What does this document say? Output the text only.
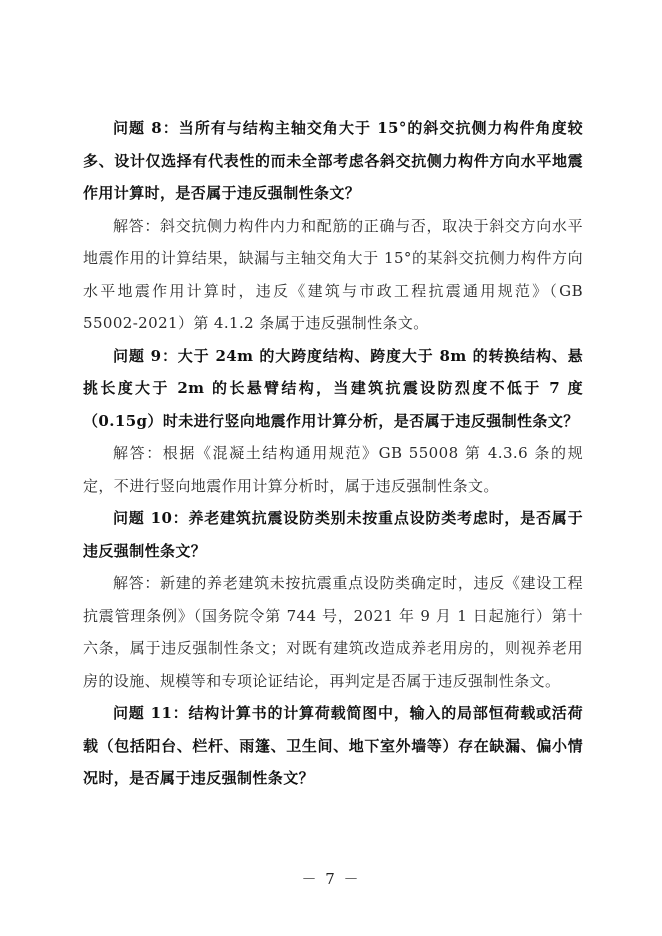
问题 8：当所有与结构主轴交角大于 15°的斜交抗侧力构件角度较多、设计仅选择有代表性的而未全部考虑各斜交抗侧力构件方向水平地震作用计算时，是否属于违反强制性条文？

解答：斜交抗侧力构件内力和配筋的正确与否，取决于斜交方向水平地震作用的计算结果，缺漏与主轴交角大于 15°的某斜交抗侧力构件方向水平地震作用计算时，违反《建筑与市政工程抗震通用规范》（GB 55002-2021）第 4.1.2 条属于违反强制性条文。

问题 9：大于 24m 的大跨度结构、跨度大于 8m 的转换结构、悬挑长度大于 2m 的长悬臂结构，当建筑抗震设防烈度不低于 7 度（0.15g）时未进行竖向地震作用计算分析，是否属于违反强制性条文？

解答：根据《混凝土结构通用规范》GB 55008 第 4.3.6 条的规定，不进行竖向地震作用计算分析时，属于违反强制性条文。

问题 10：养老建筑抗震设防类别未按重点设防类考虑时，是否属于违反强制性条文？

解答：新建的养老建筑未按抗震重点设防类确定时，违反《建设工程抗震管理条例》（国务院令第 744 号，2021 年 9 月 1 日起施行）第十六条，属于违反强制性条文；对既有建筑改造成养老用房的，则视养老用房的设施、规模等和专项论证结论，再判定是否属于违反强制性条文。

问题 11：结构计算书的计算荷载简图中，输入的局部恒荷载或活荷载（包括阳台、栏杆、雨篷、卫生间、地下室外墙等）存在缺漏、偏小情况时，是否属于违反强制性条文？

－ 7 －
